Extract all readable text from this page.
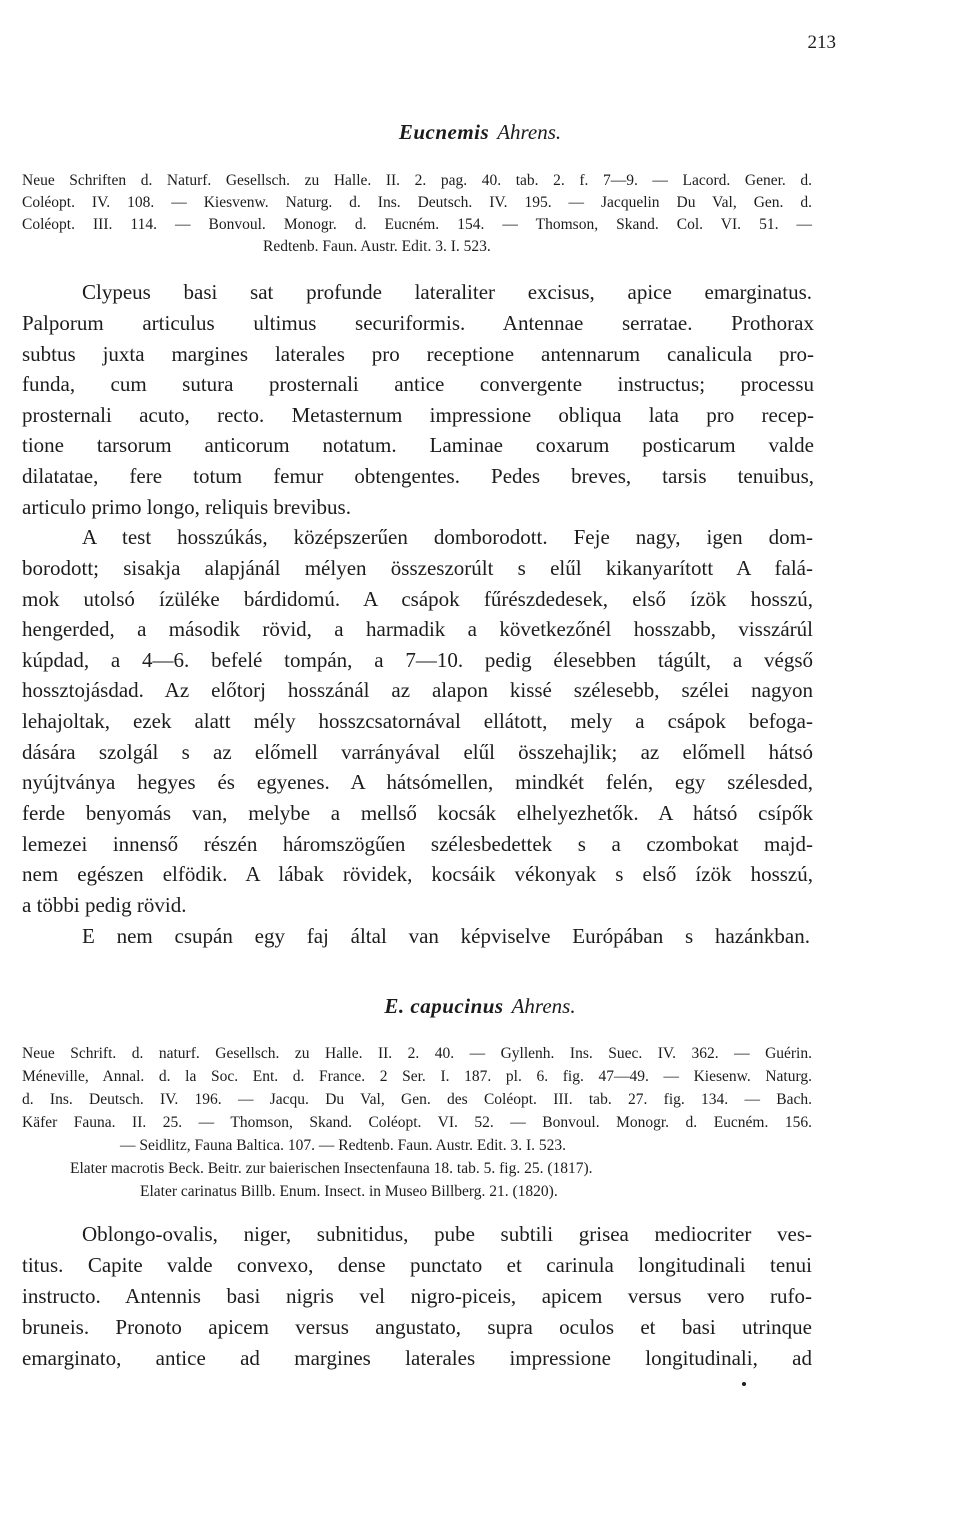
213
Eucnemis Ahrens.
Neue Schriften d. Naturf. Gesellsch. zu Halle. II. 2. pag. 40. tab. 2. f. 7—9. — Lacord. Gener. d.
Coléopt. IV. 108. — Kiesvenw. Naturg. d. Ins. Deutsch. IV. 195. — Jacquelin Du Val, Gen. d.
Coléopt. III. 114. — Bonvoul. Monogr. d. Eucném. 154. — Thomson, Skand. Col. VI. 51. —
Redtenb. Faun. Austr. Edit. 3. I. 523.
Clypeus basi sat profunde lateraliter excisus, apice emarginatus.
Palporum articulus ultimus securiformis. Antennae serratae. Prothorax
subtus juxta margines laterales pro receptione antennarum canalicula pro-
funda, cum sutura prosternali antice convergente instructus; processu
prosternali acuto, recto. Metasternum impressione obliqua lata pro recep-
tione tarsorum anticorum notatum. Laminae coxarum posticarum valde
dilatatae, fere totum femur obtengentes. Pedes breves, tarsis tenuibus,
articulo primo longo, reliquis brevibus.
A test hosszúkás, középszerűen domborodott. Feje nagy, igen dom-
borodott; sisakja alapjánál mélyen összeszorúlt s elűl kikanyarított A falá-
mok utolsó ízüléke bárdidomú. A csápok fűrészdedesek, első ízök hosszú,
hengerded, a második rövid, a harmadik a következőnél hosszabb, visszárúl
kúpdad, a 4—6. befelé tompán, a 7—10. pedig élesebben tágúlt, a végső
hossztojásdad. Az előtorj hosszánál az alapon kissé szélesebb, szélei nagyon
lehajoltak, ezek alatt mély hosszcsatornával ellátott, mely a csápok befoga-
dására szolgál s az előmell varrányával elűl összehajlik; az előmell hátsó
nyújtványa hegyes és egyenes. A hátsómellen, mindkét felén, egy szélesded,
ferde benyomás van, melybe a mellső kocsák elhelyezhetők. A hátsó csípők
lemezei innenső részén háromszögűen szélesbedettek s a czombokat majd-
nem egészen elfödik. A lábak rövidek, kocsáik vékonyak s első ízök hosszú,
a többi pedig rövid.
E nem csupán egy faj által van képviselve Európában s hazánkban.
E. capucinus Ahrens.
Neue Schrift. d. naturf. Gesellsch. zu Halle. II. 2. 40. — Gyllenh. Ins. Suec. IV. 362. — Guérin.
Méneville, Annal. d. la Soc. Ent. d. France. 2 Ser. I. 187. pl. 6. fig. 47—49. — Kiesenw. Naturg.
d. Ins. Deutsch. IV. 196. — Jacqu. Du Val, Gen. des Coléopt. III. tab. 27. fig. 134. — Bach.
Käfer Fauna. II. 25. — Thomson, Skand. Coléopt. VI. 52. — Bonvoul. Monogr. d. Eucném. 156.
— Seidlitz, Fauna Baltica. 107. — Redtenb. Faun. Austr. Edit. 3. I. 523.
Elater macrotis Beck. Beitr. zur baierischen Insectenfauna 18. tab. 5. fig. 25. (1817).
Elater carinatus Billb. Enum. Insect. in Museo Billberg. 21. (1820).
Oblongo-ovalis, niger, subnitidus, pube subtili grisea mediocriter ves-
titus. Capite valde convexo, dense punctato et carinula longitudinali tenui
instructo. Antennis basi nigris vel nigro-piceis, apicem versus vero rufo-
bruneis. Pronoto apicem versus angustato, supra oculos et basi utrinque
emarginato, antice ad margines laterales impressione longitudinali, ad
